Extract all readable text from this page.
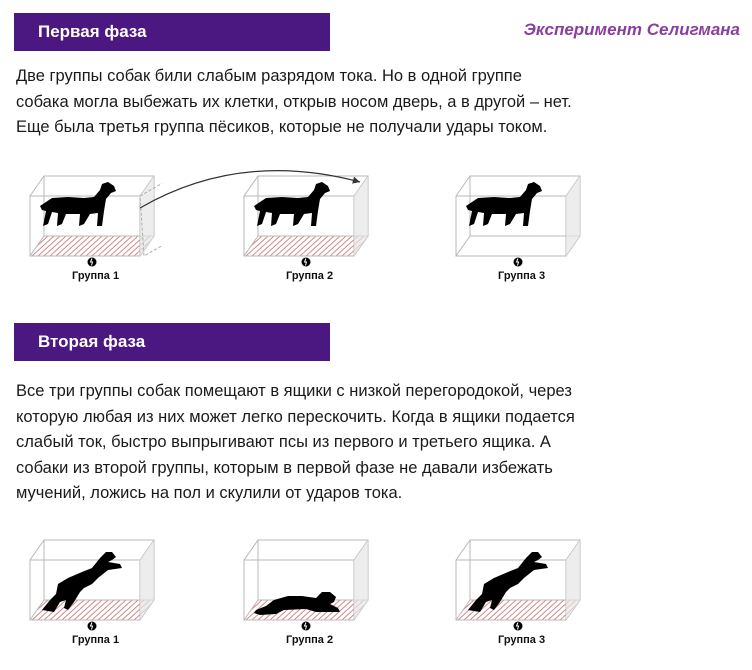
Первая фаза	Эксперимент Селигмана

Две группы собак били слабым разрядом тока. Но в одной группе
собака могла выбежать их клетки, открыв носом дверь, а в другой – нет.
Еще была третья группа пёсиков, которые не получали удары током.

Группа 1	Группа 2	Группа 3
Вторая фаза

Все три группы собак помещают в ящики с низкой перегородокой, через
которую любая из них может легко перескочить. Когда в ящики подается
слабый ток, быстро выпрыгивают псы из первого и третьего ящика. А
собаки из второй группы, которым в первой фазе не давали избежать
мучений, ложись на пол и скулили от ударов тока.

Группа 1	Группа 2	Группа 3
